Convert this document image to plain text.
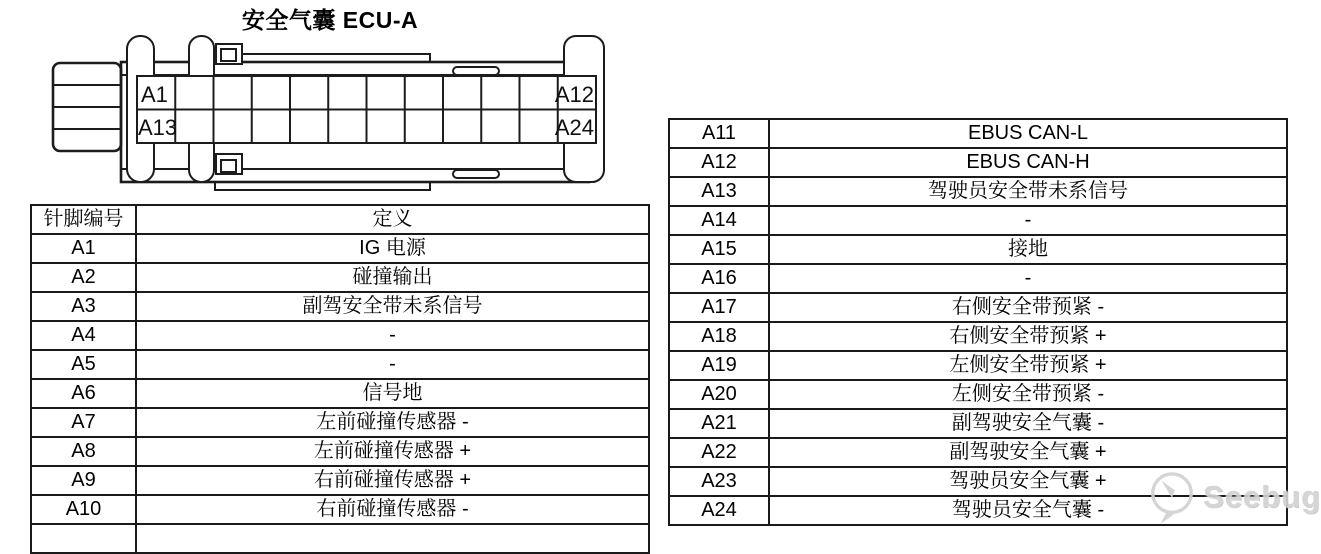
安全气囊 ECU-A
A1
A13
A12
A24
针脚编号	定义
A1	IG 电源
A2	碰撞输出
A3	副驾安全带未系信号
A4	-
A5	-
A6	信号地
A7	左前碰撞传感器 -
A8	左前碰撞传感器 +
A9	右前碰撞传感器 +
A10	右前碰撞传感器 -

A11	EBUS CAN-L
A12	EBUS CAN-H
A13	驾驶员安全带未系信号
A14	-
A15	接地
A16	-
A17	右侧安全带预紧 -
A18	右侧安全带预紧 +
A19	左侧安全带预紧 +
A20	左侧安全带预紧 -
A21	副驾驶安全气囊 -
A22	副驾驶安全气囊 +
A23	驾驶员安全气囊 +
A24	驾驶员安全气囊 -	Seebug
